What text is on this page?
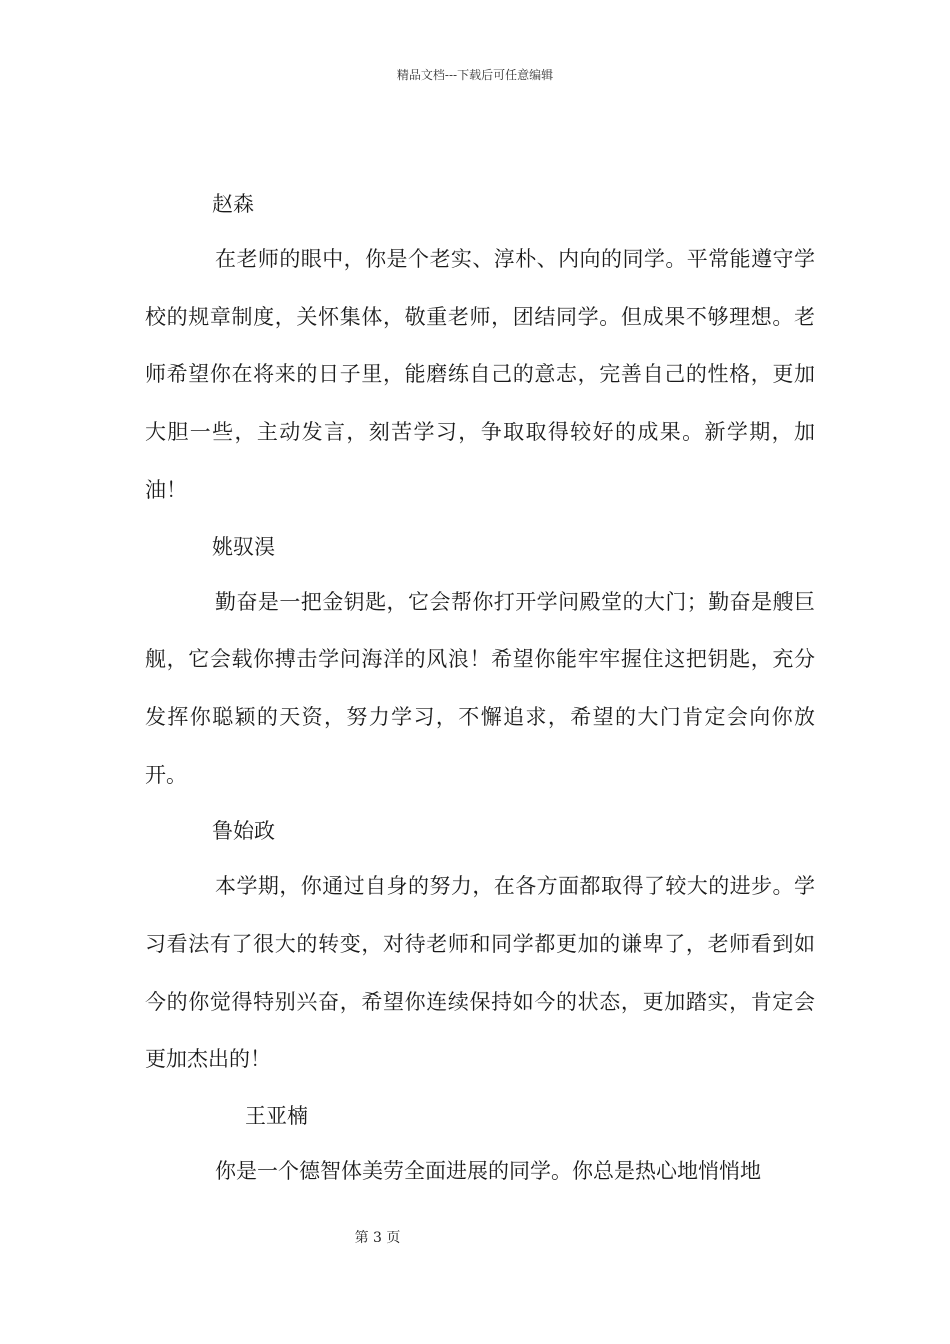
精品文档---下载后可任意编辑
赵森

在老师的眼中，你是个老实、淳朴、内向的同学。平常能遵守学校的规章制度，关怀集体，敬重老师，团结同学。但成果不够理想。老师希望你在将来的日子里，能磨练自己的意志，完善自己的性格，更加大胆一些，主动发言，刻苦学习，争取取得较好的成果。新学期，加油！

姚驭淏

勤奋是一把金钥匙，它会帮你打开学问殿堂的大门；勤奋是艘巨舰，它会载你搏击学问海洋的风浪！希望你能牢牢握住这把钥匙，充分发挥你聪颖的天资，努力学习，不懈追求，希望的大门肯定会向你放开。

鲁始政

本学期，你通过自身的努力，在各方面都取得了较大的进步。学习看法有了很大的转变，对待老师和同学都更加的谦卑了，老师看到如今的你觉得特别兴奋，希望你连续保持如今的状态，更加踏实，肯定会更加杰出的！

王亚楠

你是一个德智体美劳全面进展的同学。你总是热心地悄悄地

第 3 页
